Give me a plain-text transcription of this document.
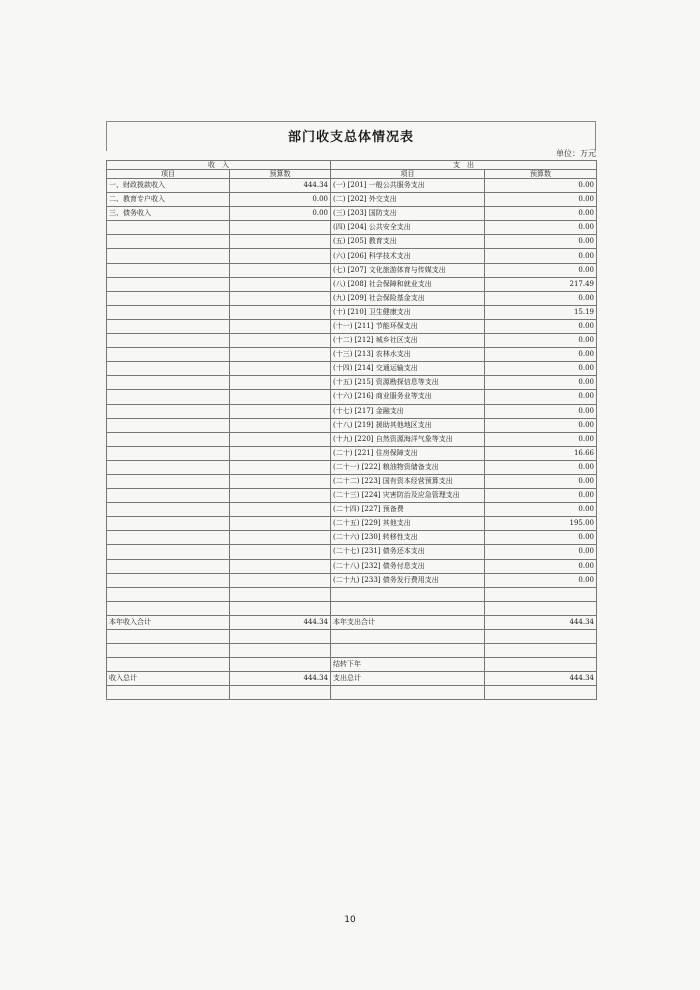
部门收支总体情况表
单位：万元
收　入		支　出	
项目	预算数	项目	预算数
一、财政拨款收入	444.34	(一) [201] 一般公共服务支出	0.00
二、教育专户收入	0.00	(二) [202] 外交支出	0.00
三、债务收入	0.00	(三) [203] 国防支出	0.00
		(四) [204] 公共安全支出	0.00
		(五) [205] 教育支出	0.00
		(六) [206] 科学技术支出	0.00
		(七) [207] 文化旅游体育与传媒支出	0.00
		(八) [208] 社会保障和就业支出	217.49
		(九) [209] 社会保险基金支出	0.00
		(十) [210] 卫生健康支出	15.19
		(十一) [211] 节能环保支出	0.00
		(十二) [212] 城乡社区支出	0.00
		(十三) [213] 农林水支出	0.00
		(十四) [214] 交通运输支出	0.00
		(十五) [215] 资源勘探信息等支出	0.00
		(十六) [216] 商业服务业等支出	0.00
		(十七) [217] 金融支出	0.00
		(十八) [219] 援助其他地区支出	0.00
		(十九) [220] 自然资源海洋气象等支出	0.00
		(二十) [221] 住房保障支出	16.66
		(二十一) [222] 粮油物资储备支出	0.00
		(二十二) [223] 国有资本经营预算支出	0.00
		(二十三) [224] 灾害防治及应急管理支出	0.00
		(二十四) [227] 预备费	0.00
		(二十五) [229] 其他支出	195.00
		(二十六) [230] 转移性支出	0.00
		(二十七) [231] 债务还本支出	0.00
		(二十八) [232] 债务付息支出	0.00
		(二十九) [233] 债务发行费用支出	0.00

本年收入合计	444.34	本年支出合计	444.34

		结转下年	
收入总计	444.34	支出总计	444.34

10
